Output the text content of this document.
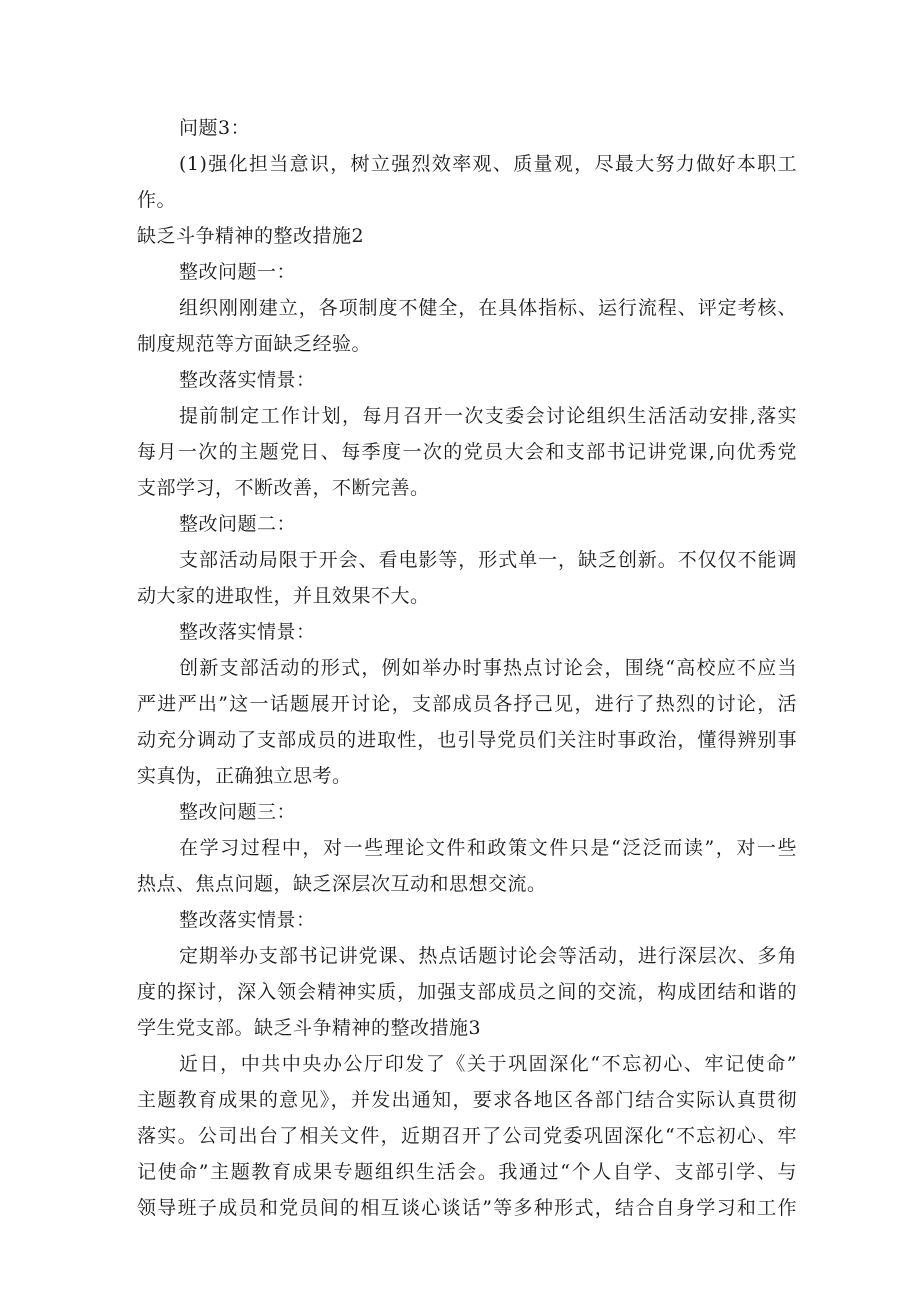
问题3：
(1)强化担当意识，树立强烈效率观、质量观，尽最大努力做好本职工
作。
缺乏斗争精神的整改措施2
整改问题一：
组织刚刚建立，各项制度不健全，在具体指标、运行流程、评定考核、
制度规范等方面缺乏经验。
整改落实情景：
提前制定工作计划，每月召开一次支委会讨论组织生活活动安排,落实
每月一次的主题党日、每季度一次的党员大会和支部书记讲党课,向优秀党
支部学习，不断改善，不断完善。
整改问题二：
支部活动局限于开会、看电影等，形式单一，缺乏创新。不仅仅不能调
动大家的进取性，并且效果不大。
整改落实情景：
创新支部活动的形式，例如举办时事热点讨论会，围绕“高校应不应当
严进严出”这一话题展开讨论，支部成员各抒己见，进行了热烈的讨论，活
动充分调动了支部成员的进取性，也引导党员们关注时事政治，懂得辨别事
实真伪，正确独立思考。
整改问题三：
在学习过程中，对一些理论文件和政策文件只是“泛泛而读”，对一些
热点、焦点问题，缺乏深层次互动和思想交流。
整改落实情景：
定期举办支部书记讲党课、热点话题讨论会等活动，进行深层次、多角
度的探讨，深入领会精神实质，加强支部成员之间的交流，构成团结和谐的
学生党支部。缺乏斗争精神的整改措施3
近日，中共中央办公厅印发了《关于巩固深化“不忘初心、牢记使命”
主题教育成果的意见》，并发出通知，要求各地区各部门结合实际认真贯彻
落实。公司出台了相关文件，近期召开了公司党委巩固深化“不忘初心、牢
记使命”主题教育成果专题组织生活会。我通过“个人自学、支部引学、与
领导班子成员和党员间的相互谈心谈话”等多种形式，结合自身学习和工作
